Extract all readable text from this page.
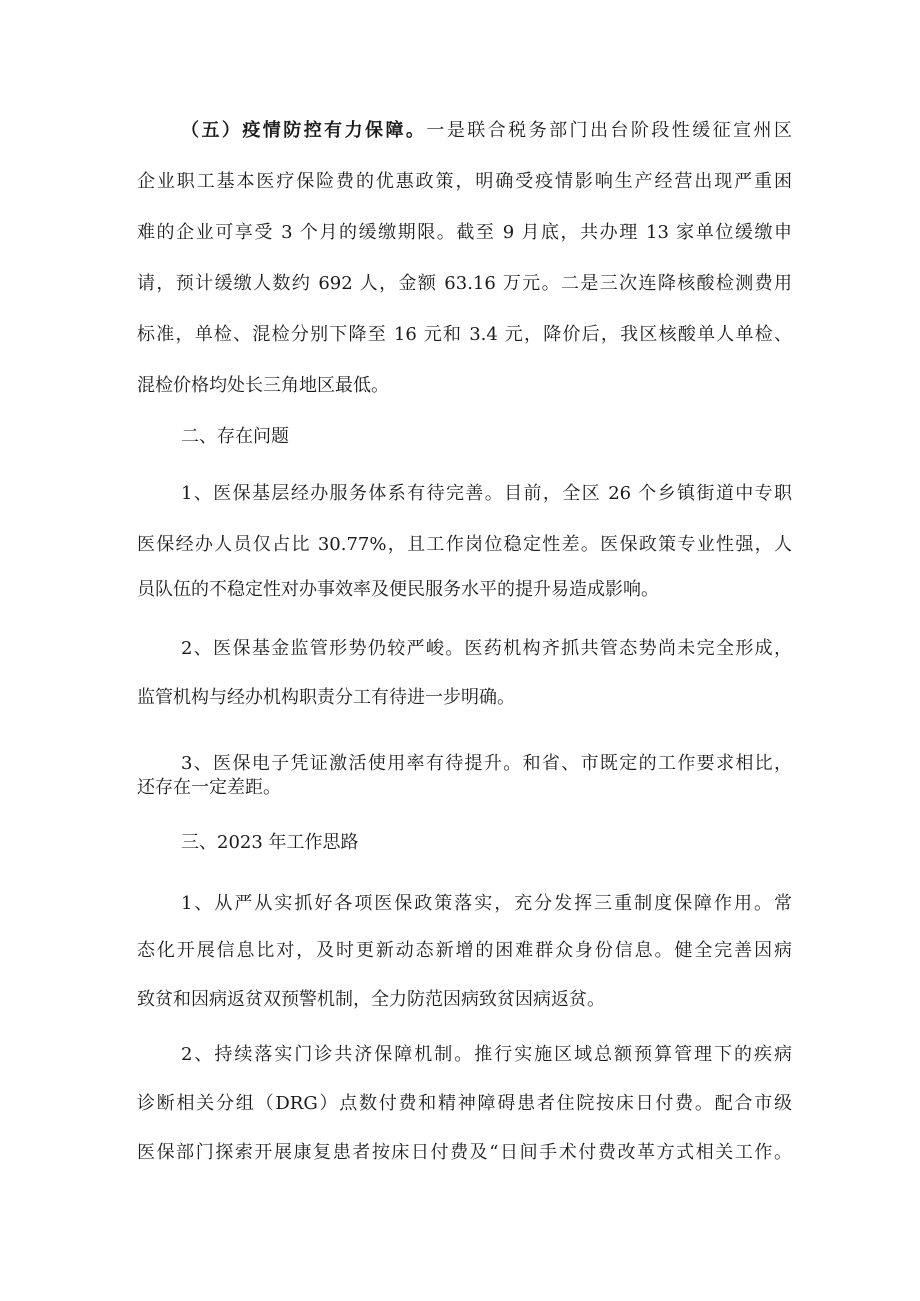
（五）疫情防控有力保障。一是联合税务部门出台阶段性缓征宣州区
企业职工基本医疗保险费的优惠政策，明确受疫情影响生产经营出现严重困
难的企业可享受 3 个月的缓缴期限。截至 9 月底，共办理 13 家单位缓缴申
请，预计缓缴人数约 692 人，金额 63.16 万元。二是三次连降核酸检测费用
标准，单检、混检分别下降至 16 元和 3.4 元，降价后，我区核酸单人单检、
混检价格均处长三角地区最低。
二、存在问题
1、医保基层经办服务体系有待完善。目前，全区 26 个乡镇街道中专职
医保经办人员仅占比 30.77%，且工作岗位稳定性差。医保政策专业性强，人
员队伍的不稳定性对办事效率及便民服务水平的提升易造成影响。
2、医保基金监管形势仍较严峻。医药机构齐抓共管态势尚未完全形成，
监管机构与经办机构职责分工有待进一步明确。
3、医保电子凭证激活使用率有待提升。和省、市既定的工作要求相比，
还存在一定差距。
三、2023 年工作思路
1、从严从实抓好各项医保政策落实，充分发挥三重制度保障作用。常
态化开展信息比对，及时更新动态新增的困难群众身份信息。健全完善因病
致贫和因病返贫双预警机制，全力防范因病致贫因病返贫。
2、持续落实门诊共济保障机制。推行实施区域总额预算管理下的疾病
诊断相关分组（DRG）点数付费和精神障碍患者住院按床日付费。配合市级
医保部门探索开展康复患者按床日付费及“日间手术付费改革方式相关工作。
